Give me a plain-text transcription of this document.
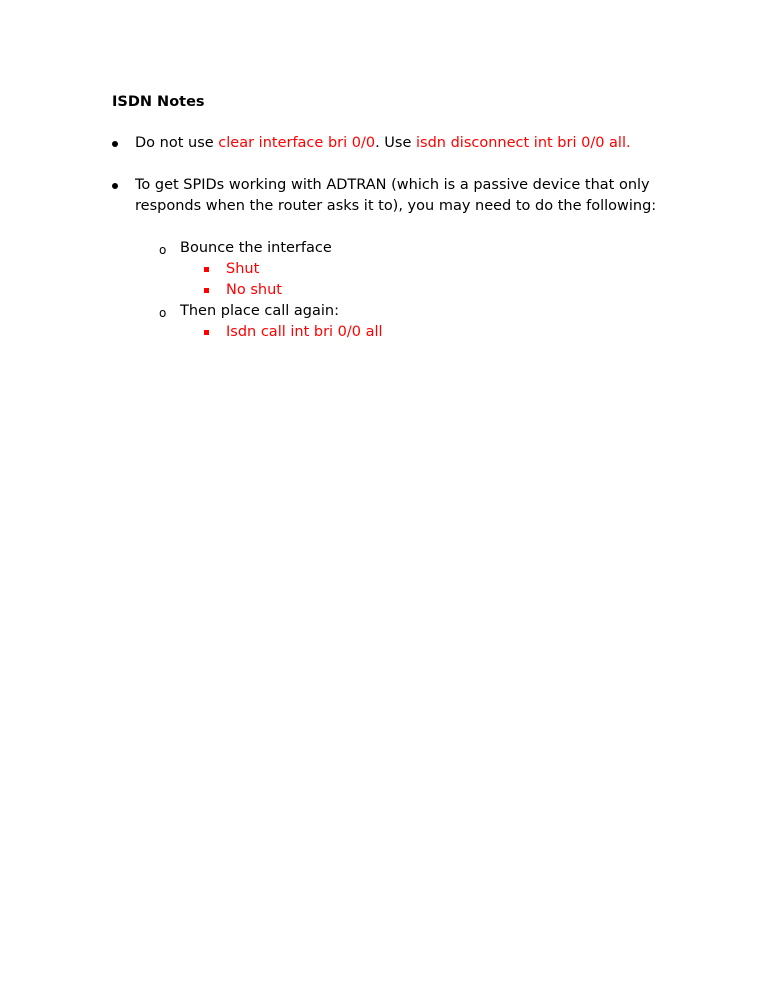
ISDN Notes
Do not use clear interface bri 0/0. Use isdn disconnect int bri 0/0 all.
To get SPIDs working with ADTRAN (which is a passive device that only
responds when the router asks it to), you may need to do the following:
o Bounce the interface
Shut
No shut
o Then place call again:
Isdn call int bri 0/0 all
